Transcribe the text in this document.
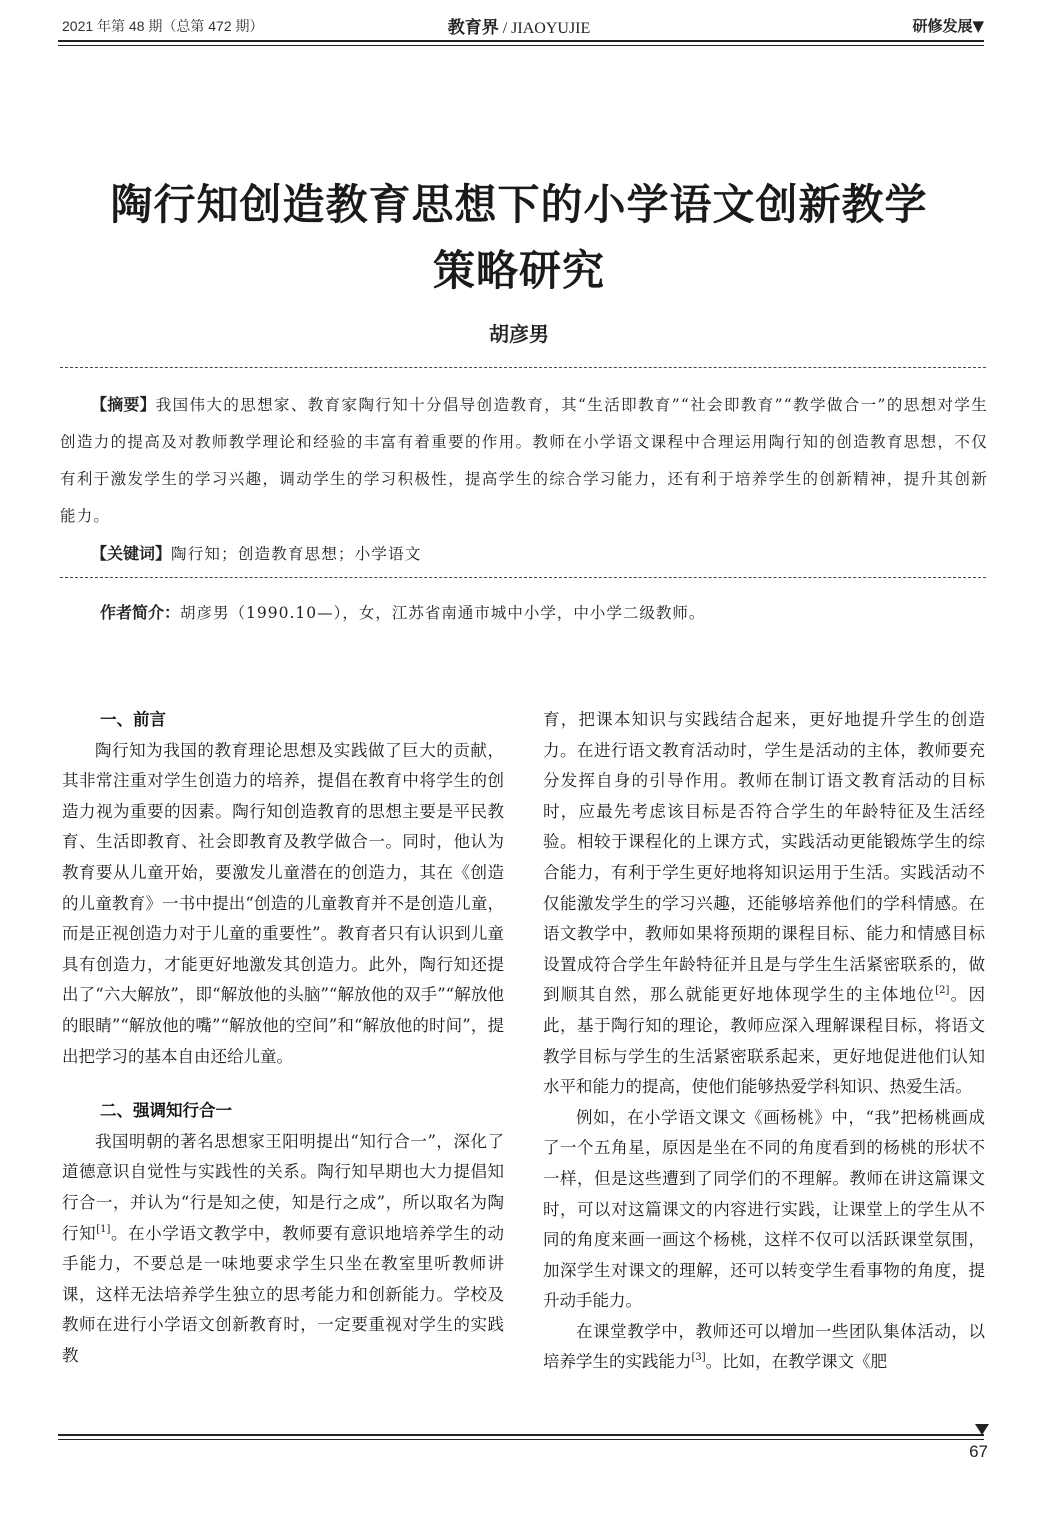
2021 年第 48 期（总第 472 期）	教育界 / JIAOYUJIE	研修发展▼
陶行知创造教育思想下的小学语文创新教学
策略研究
胡彦男

【摘要】我国伟大的思想家、教育家陶行知十分倡导创造教育，其“生活即教育”“社会即教育”“教学做合一”的思想对学生创造力的提高及对教师教学理论和经验的丰富有着重要的作用。教师在小学语文课程中合理运用陶行知的创造教育思想，不仅有利于激发学生的学习兴趣，调动学生的学习积极性，提高学生的综合学习能力，还有利于培养学生的创新精神，提升其创新能力。

【关键词】陶行知；创造教育思想；小学语文

作者简介：胡彦男（1990.10—），女，江苏省南通市城中小学，中小学二级教师。
一、前言

陶行知为我国的教育理论思想及实践做了巨大的贡献，其非常注重对学生创造力的培养，提倡在教育中将学生的创造力视为重要的因素。陶行知创造教育的思想主要是平民教育、生活即教育、社会即教育及教学做合一。同时，他认为教育要从儿童开始，要激发儿童潜在的创造力，其在《创造的儿童教育》一书中提出“创造的儿童教育并不是创造儿童，而是正视创造力对于儿童的重要性”。教育者只有认识到儿童具有创造力，才能更好地激发其创造力。此外，陶行知还提出了“六大解放”，即“解放他的头脑”“解放他的双手”“解放他的眼睛”“解放他的嘴”“解放他的空间”和“解放他的时间”，提出把学习的基本自由还给儿童。

二、强调知行合一

我国明朝的著名思想家王阳明提出“知行合一”，深化了道德意识自觉性与实践性的关系。陶行知早期也大力提倡知行合一，并认为“行是知之使，知是行之成”，所以取名为陶行知[1]。在小学语文教学中，教师要有意识地培养学生的动手能力，不要总是一味地要求学生只坐在教室里听教师讲课，这样无法培养学生独立的思考能力和创新能力。学校及教师在进行小学语文创新教育时，一定要重视对学生的实践教

育，把课本知识与实践结合起来，更好地提升学生的创造力。在进行语文教育活动时，学生是活动的主体，教师要充分发挥自身的引导作用。教师在制订语文教育活动的目标时，应最先考虑该目标是否符合学生的年龄特征及生活经验。相较于课程化的上课方式，实践活动更能锻炼学生的综合能力，有利于学生更好地将知识运用于生活。实践活动不仅能激发学生的学习兴趣，还能够培养他们的学科情感。在语文教学中，教师如果将预期的课程目标、能力和情感目标设置成符合学生年龄特征并且是与学生生活紧密联系的，做到顺其自然，那么就能更好地体现学生的主体地位[2]。因此，基于陶行知的理论，教师应深入理解课程目标，将语文教学目标与学生的生活紧密联系起来，更好地促进他们认知水平和能力的提高，使他们能够热爱学科知识、热爱生活。

例如，在小学语文课文《画杨桃》中，“我”把杨桃画成了一个五角星，原因是坐在不同的角度看到的杨桃的形状不一样，但是这些遭到了同学们的不理解。教师在讲这篇课文时，可以对这篇课文的内容进行实践，让课堂上的学生从不同的角度来画一画这个杨桃，这样不仅可以活跃课堂氛围，加深学生对课文的理解，还可以转变学生看事物的角度，提升动手能力。

在课堂教学中，教师还可以增加一些团队集体活动，以培养学生的实践能力[3]。比如，在教学课文《肥

67
